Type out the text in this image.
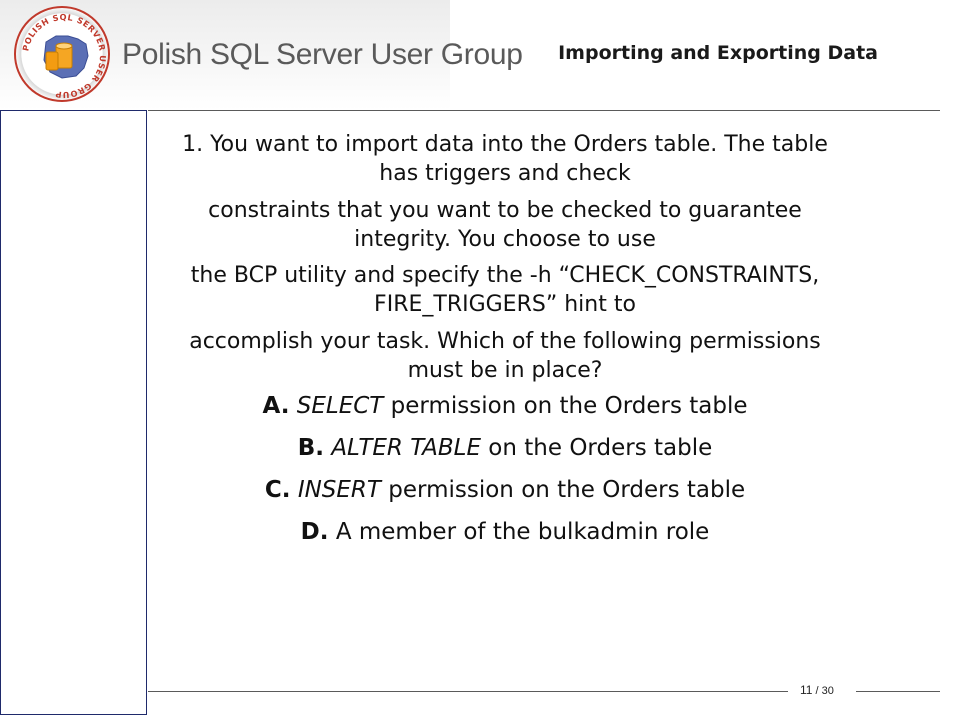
POLISH SQL SERVER USER GROUP
Polish SQL Server User Group Importing and Exporting Data
1. You want to import data into the Orders table. The table has triggers and check
constraints that you want to be checked to guarantee integrity. You choose to use
the BCP utility and specify the -h “CHECK_CONSTRAINTS, FIRE_TRIGGERS” hint to
accomplish your task. Which of the following permissions must be in place?
A. SELECT permission on the Orders table
B. ALTER TABLE on the Orders table
C. INSERT permission on the Orders table
D. A member of the bulkadmin role
11 / 30
